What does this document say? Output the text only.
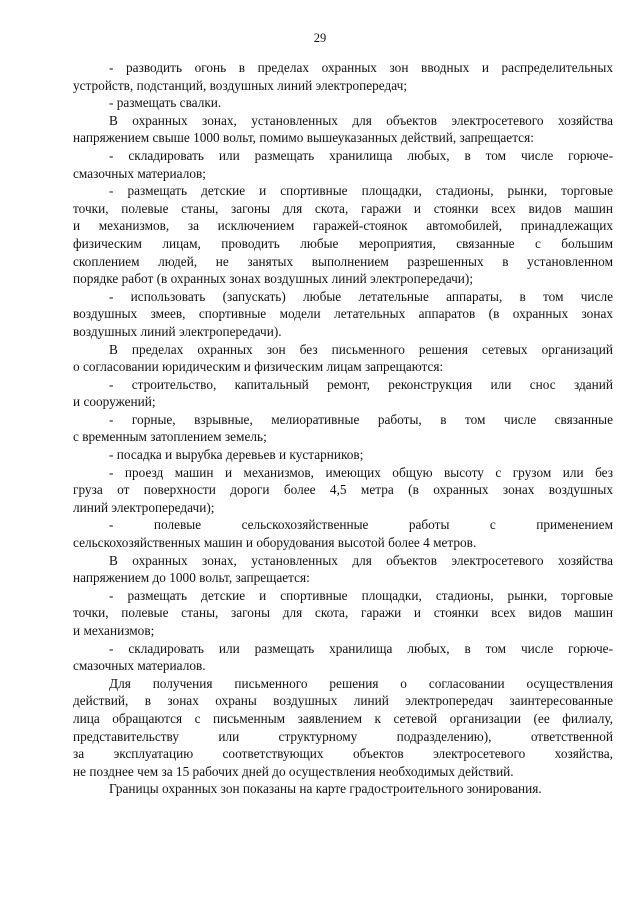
29
- разводить огонь в пределах охранных зон вводных и распределительных
устройств, подстанций, воздушных линий электропередач;
- размещать свалки.
В охранных зонах, установленных для объектов электросетевого хозяйства
напряжением свыше 1000 вольт, помимо вышеуказанных действий, запрещается:
- складировать или размещать хранилища любых, в том числе горюче-
смазочных материалов;
- размещать детские и спортивные площадки, стадионы, рынки, торговые
точки, полевые станы, загоны для скота, гаражи и стоянки всех видов машин
и механизмов, за исключением гаражей-стоянок автомобилей, принадлежащих
физическим лицам, проводить любые мероприятия, связанные с большим
скоплением людей, не занятых выполнением разрешенных в установленном
порядке работ (в охранных зонах воздушных линий электропередачи);
- использовать (запускать) любые летательные аппараты, в том числе
воздушных змеев, спортивные модели летательных аппаратов (в охранных зонах
воздушных линий электропередачи).
В пределах охранных зон без письменного решения сетевых организаций
о согласовании юридическим и физическим лицам запрещаются:
- строительство, капитальный ремонт, реконструкция или снос зданий
и сооружений;
- горные, взрывные, мелиоративные работы, в том числе связанные
с временным затоплением земель;
- посадка и вырубка деревьев и кустарников;
- проезд машин и механизмов, имеющих общую высоту с грузом или без
груза от поверхности дороги более 4,5 метра (в охранных зонах воздушных
линий электропередачи);
- полевые сельскохозяйственные работы с применением
сельскохозяйственных машин и оборудования высотой более 4 метров.
В охранных зонах, установленных для объектов электросетевого хозяйства
напряжением до 1000 вольт, запрещается:
- размещать детские и спортивные площадки, стадионы, рынки, торговые
точки, полевые станы, загоны для скота, гаражи и стоянки всех видов машин
и механизмов;
- складировать или размещать хранилища любых, в том числе горюче-
смазочных материалов.
Для получения письменного решения о согласовании осуществления
действий, в зонах охраны воздушных линий электропередач заинтересованные
лица обращаются с письменным заявлением к сетевой организации (ее филиалу,
представительству или структурному подразделению), ответственной
за эксплуатацию соответствующих объектов электросетевого хозяйства,
не позднее чем за 15 рабочих дней до осуществления необходимых действий.
Границы охранных зон показаны на карте градостроительного зонирования.
